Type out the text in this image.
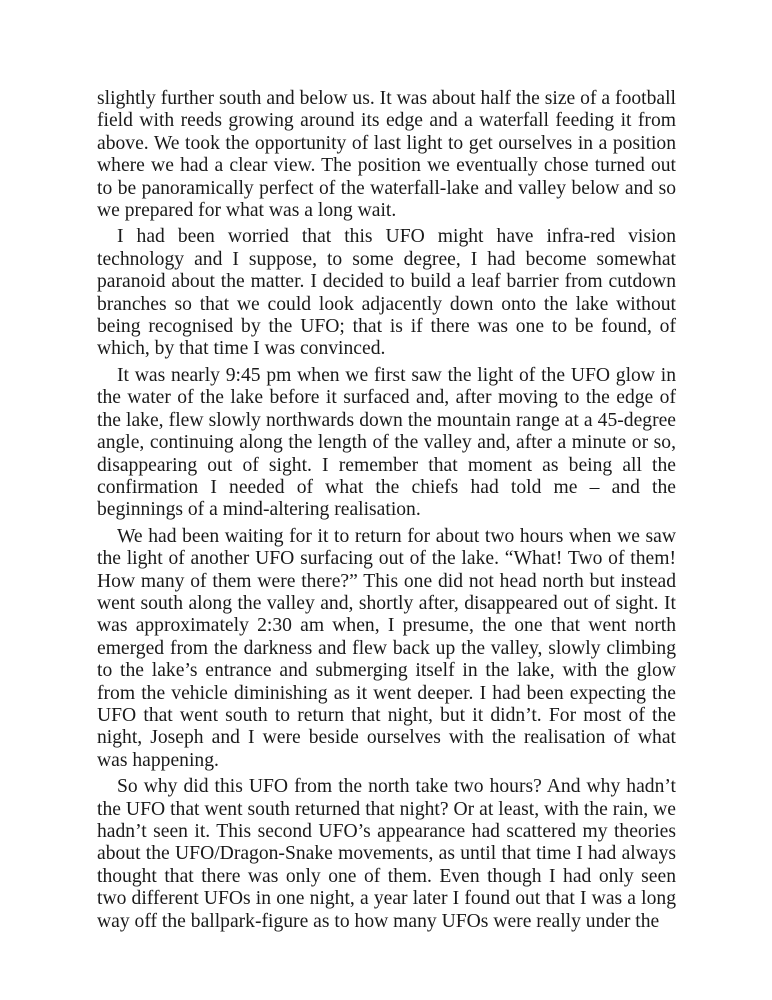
slightly further south and below us. It was about half the size of a football field with reeds growing around its edge and a waterfall feeding it from above. We took the opportunity of last light to get ourselves in a position where we had a clear view. The position we eventually chose turned out to be panoramically perfect of the waterfall-lake and valley below and so we prepared for what was a long wait.

I had been worried that this UFO might have infra-red vision technology and I suppose, to some degree, I had become somewhat paranoid about the matter. I decided to build a leaf barrier from cutdown branches so that we could look adjacently down onto the lake without being recognised by the UFO; that is if there was one to be found, of which, by that time I was convinced.

It was nearly 9:45 pm when we first saw the light of the UFO glow in the water of the lake before it surfaced and, after moving to the edge of the lake, flew slowly northwards down the mountain range at a 45-degree angle, continuing along the length of the valley and, after a minute or so, disappearing out of sight. I remember that moment as being all the confirmation I needed of what the chiefs had told me – and the beginnings of a mind-altering realisation.

We had been waiting for it to return for about two hours when we saw the light of another UFO surfacing out of the lake. “What! Two of them! How many of them were there?” This one did not head north but instead went south along the valley and, shortly after, disappeared out of sight. It was approximately 2:30 am when, I presume, the one that went north emerged from the darkness and flew back up the valley, slowly climbing to the lake’s entrance and submerging itself in the lake, with the glow from the vehicle diminishing as it went deeper. I had been expecting the UFO that went south to return that night, but it didn’t. For most of the night, Joseph and I were beside ourselves with the realisation of what was happening.

So why did this UFO from the north take two hours? And why hadn’t the UFO that went south returned that night? Or at least, with the rain, we hadn’t seen it. This second UFO’s appearance had scattered my theories about the UFO/Dragon-Snake movements, as until that time I had always thought that there was only one of them. Even though I had only seen two different UFOs in one night, a year later I found out that I was a long way off the ballpark-figure as to how many UFOs were really under the
